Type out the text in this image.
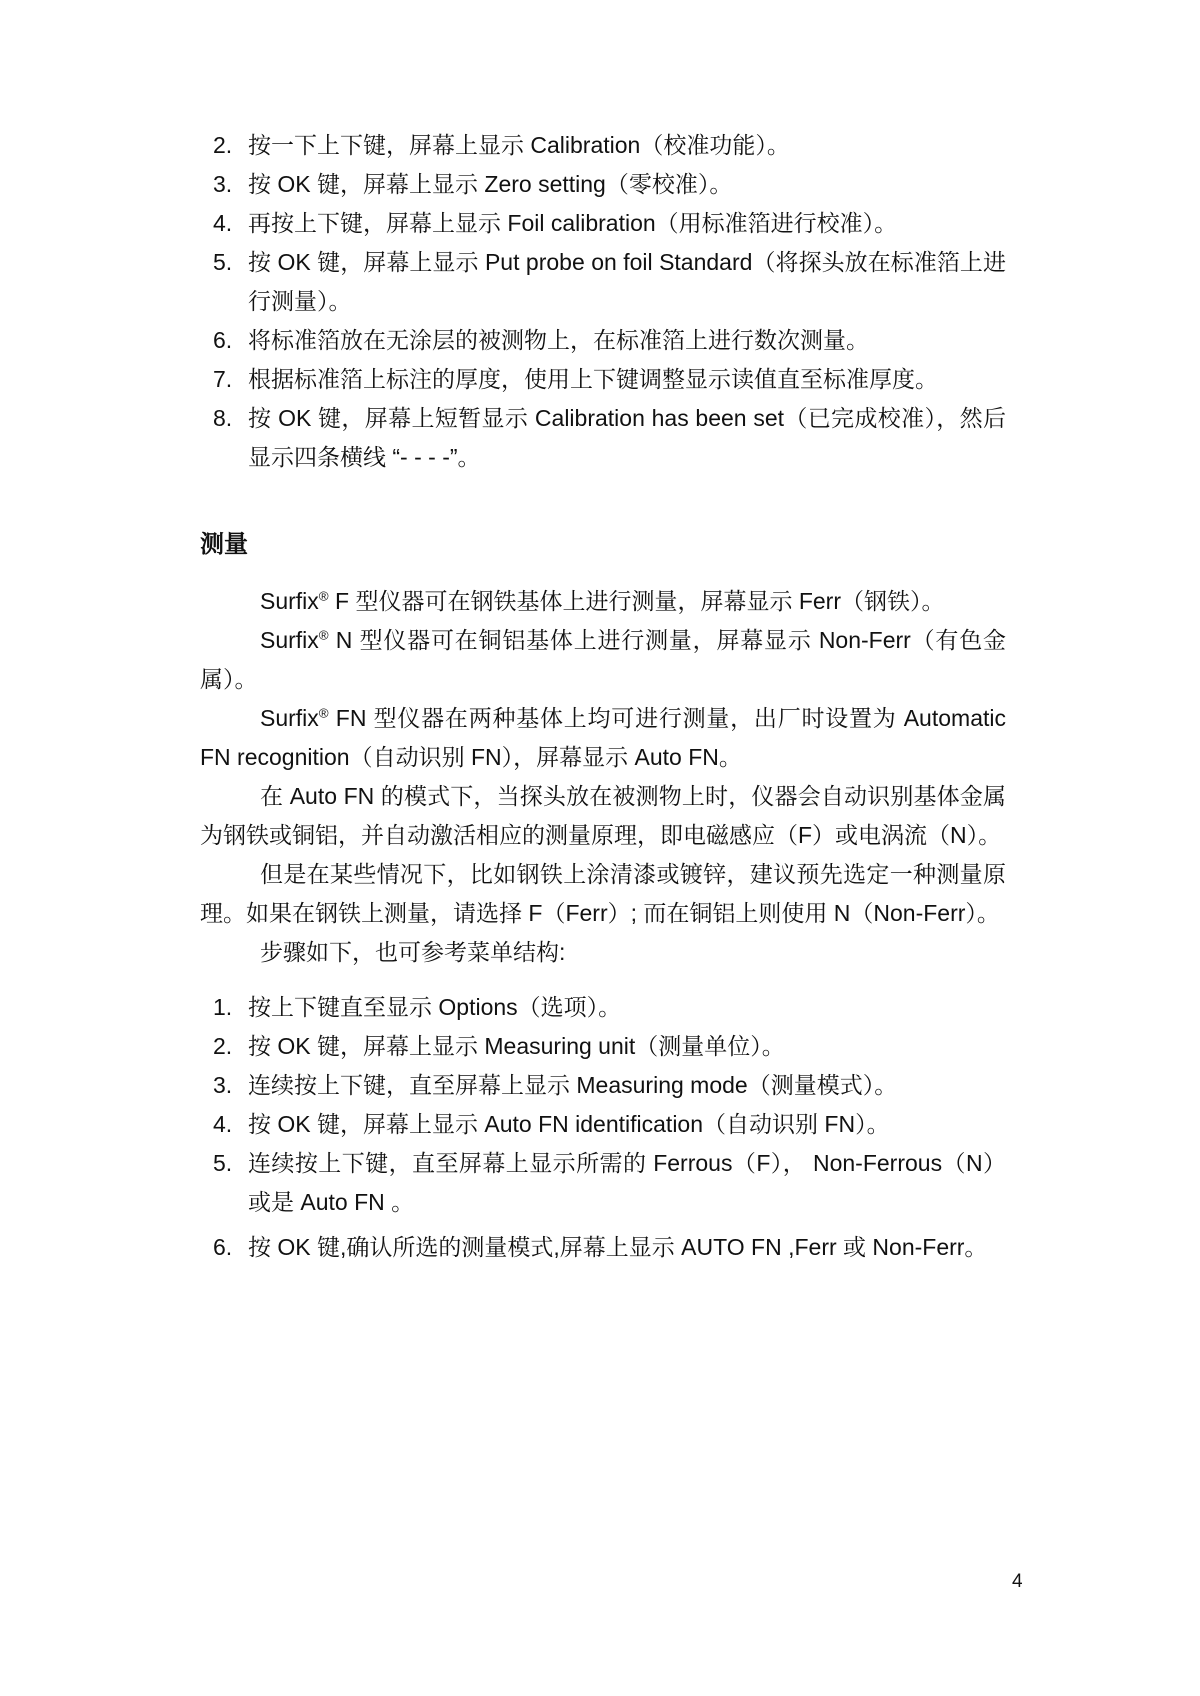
2. 按一下上下键，屏幕上显示 Calibration（校准功能）。
3. 按 OK 键，屏幕上显示 Zero setting（零校准）。
4. 再按上下键，屏幕上显示 Foil calibration（用标准箔进行校准）。
5. 按 OK 键，屏幕上显示 Put probe on foil Standard（将探头放在标准箔上进行测量）。
6. 将标准箔放在无涂层的被测物上，在标准箔上进行数次测量。
7. 根据标准箔上标注的厚度，使用上下键调整显示读值直至标准厚度。
8. 按 OK 键，屏幕上短暂显示 Calibration has been set（已完成校准），然后显示四条横线 “- - - -”。
测量

Surfix® F 型仪器可在钢铁基体上进行测量，屏幕显示 Ferr（钢铁）。

Surfix® N 型仪器可在铜铝基体上进行测量，屏幕显示 Non-Ferr（有色金属）。

Surfix® FN 型仪器在两种基体上均可进行测量，出厂时设置为 Automatic FN recognition（自动识别 FN），屏幕显示 Auto FN。

在 Auto FN 的模式下，当探头放在被测物上时，仪器会自动识别基体金属为钢铁或铜铝，并自动激活相应的测量原理，即电磁感应（F）或电涡流（N）。

但是在某些情况下，比如钢铁上涂清漆或镀锌，建议预先选定一种测量原理。如果在钢铁上测量，请选择 F（Ferr）; 而在铜铝上则使用 N（Non-Ferr）。

步骤如下，也可参考菜单结构:

1. 按上下键直至显示 Options（选项）。
2. 按 OK 键，屏幕上显示 Measuring unit（测量单位）。
3. 连续按上下键，直至屏幕上显示 Measuring mode（测量模式）。
4. 按 OK 键，屏幕上显示 Auto FN identification（自动识别 FN）。
5. 连续按上下键，直至屏幕上显示所需的 Ferrous（F）， Non-Ferrous（N）或是 Auto FN 。
6. 按 OK 键,确认所选的测量模式,屏幕上显示 AUTO FN ,Ferr 或 Non-Ferr。
4
